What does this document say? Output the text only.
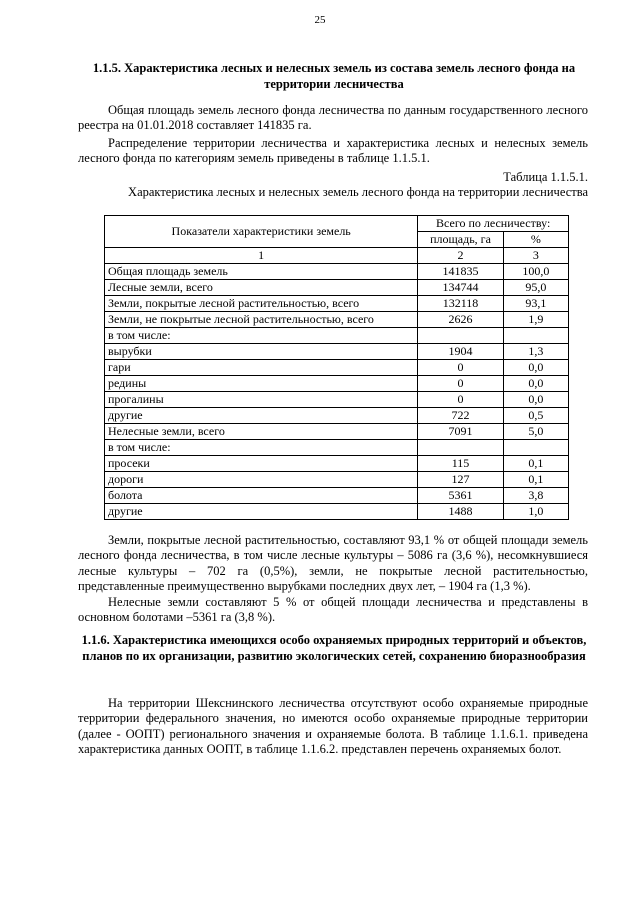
25
1.1.5. Характеристика лесных и нелесных земель из состава земель лесного фонда на
территории лесничества

Общая площадь земель лесного фонда лесничества по данным государственного лесного реестра на 01.01.2018 составляет 141835 га.

Распределение территории лесничества и характеристика лесных и нелесных земель лесного фонда по категориям земель приведены в таблице 1.1.5.1.

Таблица 1.1.5.1.
Характеристика лесных и нелесных земель лесного фонда на территории лесничества
Показатели характеристики земель	Всего по лесничеству:	
	площадь, га	%
1	2	3
Общая площадь земель	141835	100,0
Лесные земли, всего	134744	95,0
Земли, покрытые лесной растительностью, всего	132118	93,1
Земли, не покрытые лесной растительностью, всего	2626	1,9
в том числе:		
вырубки	1904	1,3
гари	0	0,0
редины	0	0,0
прогалины	0	0,0
другие	722	0,5
Нелесные земли, всего	7091	5,0
в том числе:		
просеки	115	0,1
дороги	127	0,1
болота	5361	3,8
другие	1488	1,0

Земли, покрытые лесной растительностью, составляют 93,1 % от общей площади земель лесного фонда лесничества, в том числе лесные культуры – 5086 га (3,6 %), несомкнувшиеся лесные культуры – 702 га (0,5%), земли, не покрытые лесной растительностью, представленные преимущественно вырубками последних двух лет, – 1904 га (1,3 %).

Нелесные земли составляют 5 % от общей площади лесничества и представлены в основном болотами –5361 га (3,8 %).

1.1.6. Характеристика имеющихся особо охраняемых природных территорий и объектов, планов по их организации, развитию экологических сетей, сохранению биоразнообразия

На территории Шекснинского лесничества отсутствуют особо охраняемые природные территории федерального значения, но имеются особо охраняемые природные территории (далее - ООПТ) регионального значения и охраняемые болота. В таблице 1.1.6.1. приведена характеристика данных ООПТ, в таблице 1.1.6.2. представлен перечень охраняемых болот.
